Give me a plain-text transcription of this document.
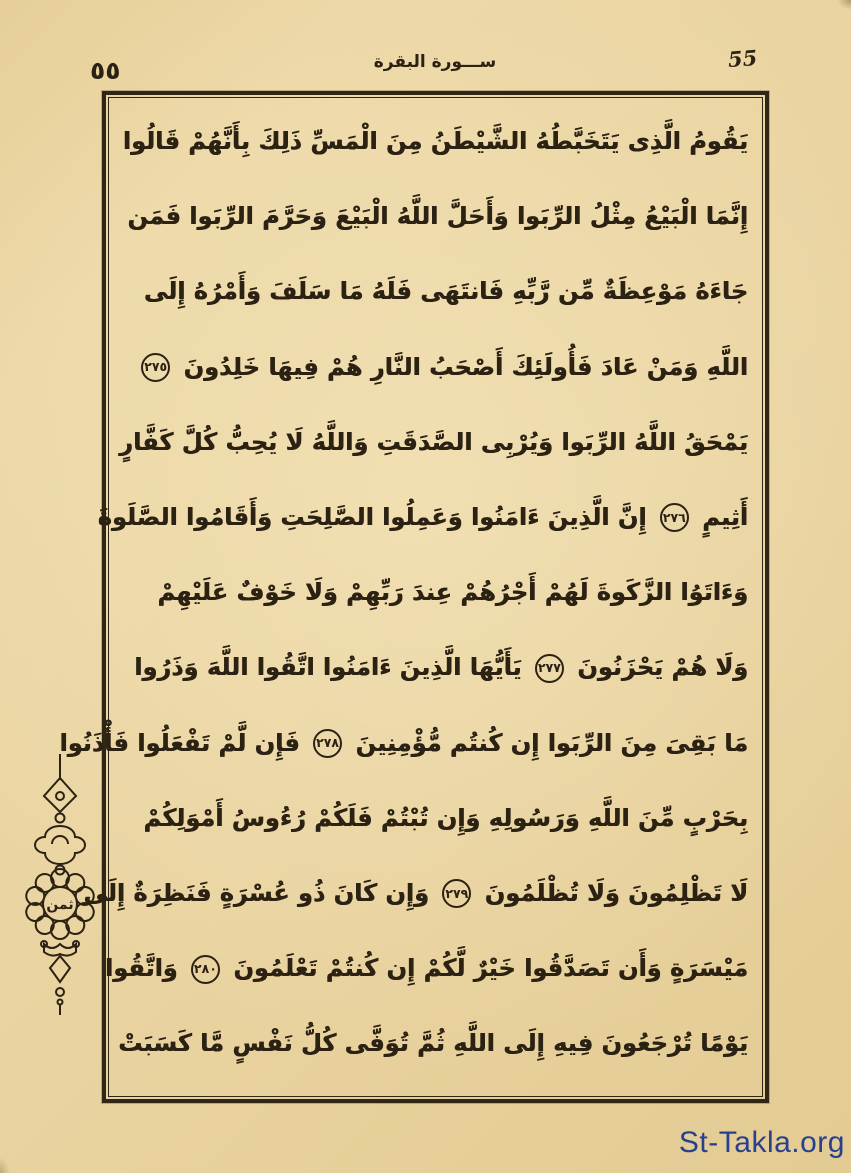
٥٥	ســـورة البقرة	55
يَقُومُ الَّذِى يَتَخَبَّطُهُ الشَّيْطَنُ مِنَ الْمَسِّ ذَلِكَ بِأَنَّهُمْ قَالُوا
إِنَّمَا الْبَيْعُ مِثْلُ الرِّبَوا وَأَحَلَّ اللَّهُ الْبَيْعَ وَحَرَّمَ الرِّبَوا فَمَن
جَاءَهُ مَوْعِظَةٌ مِّن رَّبِّهِ فَانتَهَى فَلَهُ مَا سَلَفَ وَأَمْرُهُ إِلَى
اللَّهِ وَمَنْ عَادَ فَأُولَئِكَ أَصْحَبُ النَّارِ هُمْ فِيهَا خَلِدُونَ ٢٧٥
يَمْحَقُ اللَّهُ الرِّبَوا وَيُرْبِى الصَّدَقَتِ وَاللَّهُ لَا يُحِبُّ كُلَّ كَفَّارٍ
أَثِيمٍ ٢٧٦ إِنَّ الَّذِينَ ءَامَنُوا وَعَمِلُوا الصَّلِحَتِ وَأَقَامُوا الصَّلَوةَ
وَءَاتَوُا الزَّكَوةَ لَهُمْ أَجْرُهُمْ عِندَ رَبِّهِمْ وَلَا خَوْفٌ عَلَيْهِمْ
وَلَا هُمْ يَحْزَنُونَ ٢٧٧ يَأَيُّهَا الَّذِينَ ءَامَنُوا اتَّقُوا اللَّهَ وَذَرُوا
مَا بَقِىَ مِنَ الرِّبَوا إِن كُنتُم مُّؤْمِنِينَ ٢٧٨ فَإِن لَّمْ تَفْعَلُوا فَأْذَنُوا
بِحَرْبٍ مِّنَ اللَّهِ وَرَسُولِهِ وَإِن تُبْتُمْ فَلَكُمْ رُءُوسُ أَمْوَلِكُمْ
لَا تَظْلِمُونَ وَلَا تُظْلَمُونَ ٢٧٩ وَإِن كَانَ ذُو عُسْرَةٍ فَنَظِرَةٌ إِلَى
مَيْسَرَةٍ وَأَن تَصَدَّقُوا خَيْرٌ لَّكُمْ إِن كُنتُمْ تَعْلَمُونَ ٢٨٠ وَاتَّقُوا
يَوْمًا تُرْجَعُونَ فِيهِ إِلَى اللَّهِ ثُمَّ تُوَفَّى كُلُّ نَفْسٍ مَّا كَسَبَتْ
ثمن
St-Takla.org
